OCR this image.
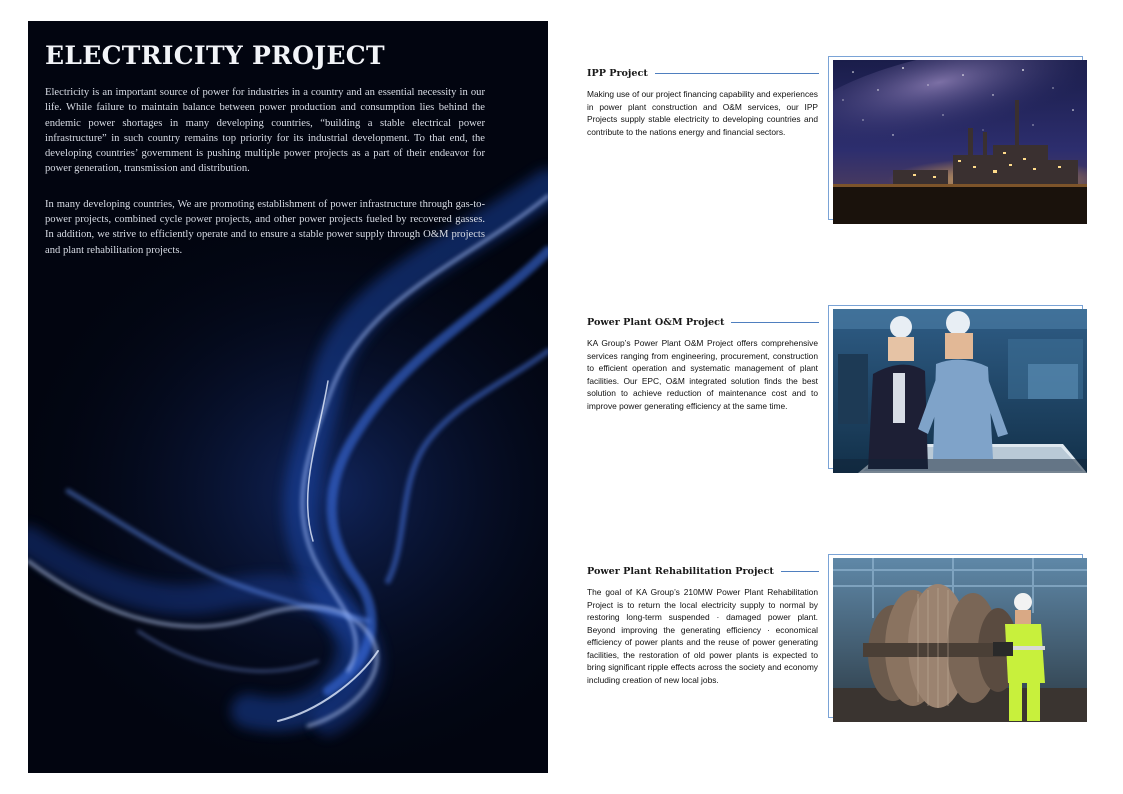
ELECTRICITY PROJECT

Electricity is an important source of power for industries in a country and an essential necessity in our life. While failure to maintain balance between power production and consumption lies behind the endemic power shortages in many developing countries, “building a stable electrical power infrastructure” in such country remains top priority for its industrial development. To that end, the developing countries’ government is pushing multiple power projects as a part of their endeavor for power generation, transmission and distribution.

In many developing countries, We are promoting establishment of power infrastructure through gas-to-power projects, combined cycle power projects, and other power projects fueled by recovered gasses. In addition, we strive to efficiently operate and to ensure a stable power supply through O&M projects and plant rehabilitation projects.

IPP Project

Making use of our project financing capability and experiences in power plant construction and O&M services, our IPP Projects supply stable electricity to developing countries and contribute to the nations energy and financial sectors.

Power Plant O&M Project

KA Group’s Power Plant O&M Project offers comprehensive services ranging from engineering, procurement, construction to efficient operation and systematic management of plant facilities. Our EPC, O&M integrated solution finds the best solution to achieve reduction of maintenance cost and to improve power generating efficiency at the same time.

Power Plant Rehabilitation Project

The goal of KA Group’s 210MW Power Plant Rehabilitation Project is to return the local electricity supply to normal by restoring long-term suspended · damaged power plant. Beyond improving the generating efficiency · economical efficiency of power plants and the reuse of power generating facilities, the restoration of old power plants is expected to bring significant ripple effects across the society and economy including creation of new local jobs.
